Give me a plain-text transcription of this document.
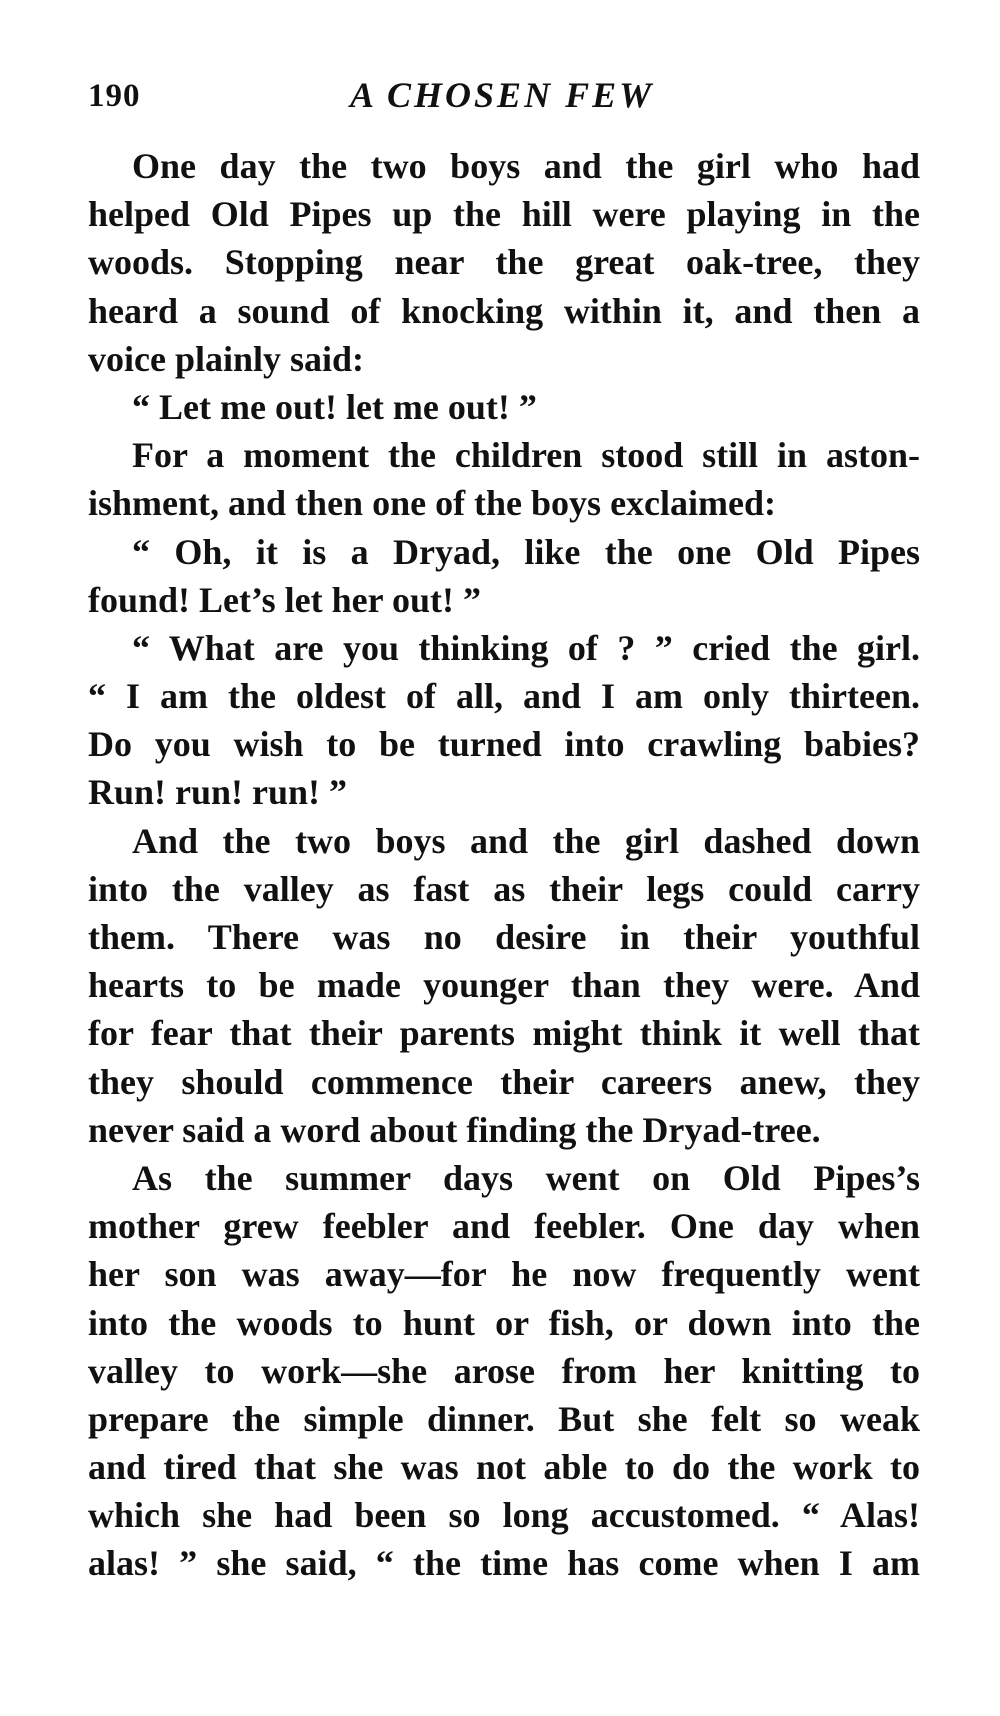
190	A CHOSEN FEW
One day the two boys and the girl who had
helped Old Pipes up the hill were playing in the
woods. Stopping near the great oak-tree, they
heard a sound of knocking within it, and then a
voice plainly said:
“ Let me out! let me out! ”
For a moment the children stood still in aston-
ishment, and then one of the boys exclaimed:
“ Oh, it is a Dryad, like the one Old Pipes
found! Let’s let her out! ”
“ What are you thinking of ? ” cried the girl.
“ I am the oldest of all, and I am only thirteen.
Do you wish to be turned into crawling babies?
Run! run! run! ”
And the two boys and the girl dashed down
into the valley as fast as their legs could carry
them. There was no desire in their youthful
hearts to be made younger than they were. And
for fear that their parents might think it well that
they should commence their careers anew, they
never said a word about finding the Dryad-tree.
As the summer days went on Old Pipes’s
mother grew feebler and feebler. One day when
her son was away—for he now frequently went
into the woods to hunt or fish, or down into the
valley to work—she arose from her knitting to
prepare the simple dinner. But she felt so weak
and tired that she was not able to do the work to
which she had been so long accustomed. “ Alas!
alas! ” she said, “ the time has come when I am
